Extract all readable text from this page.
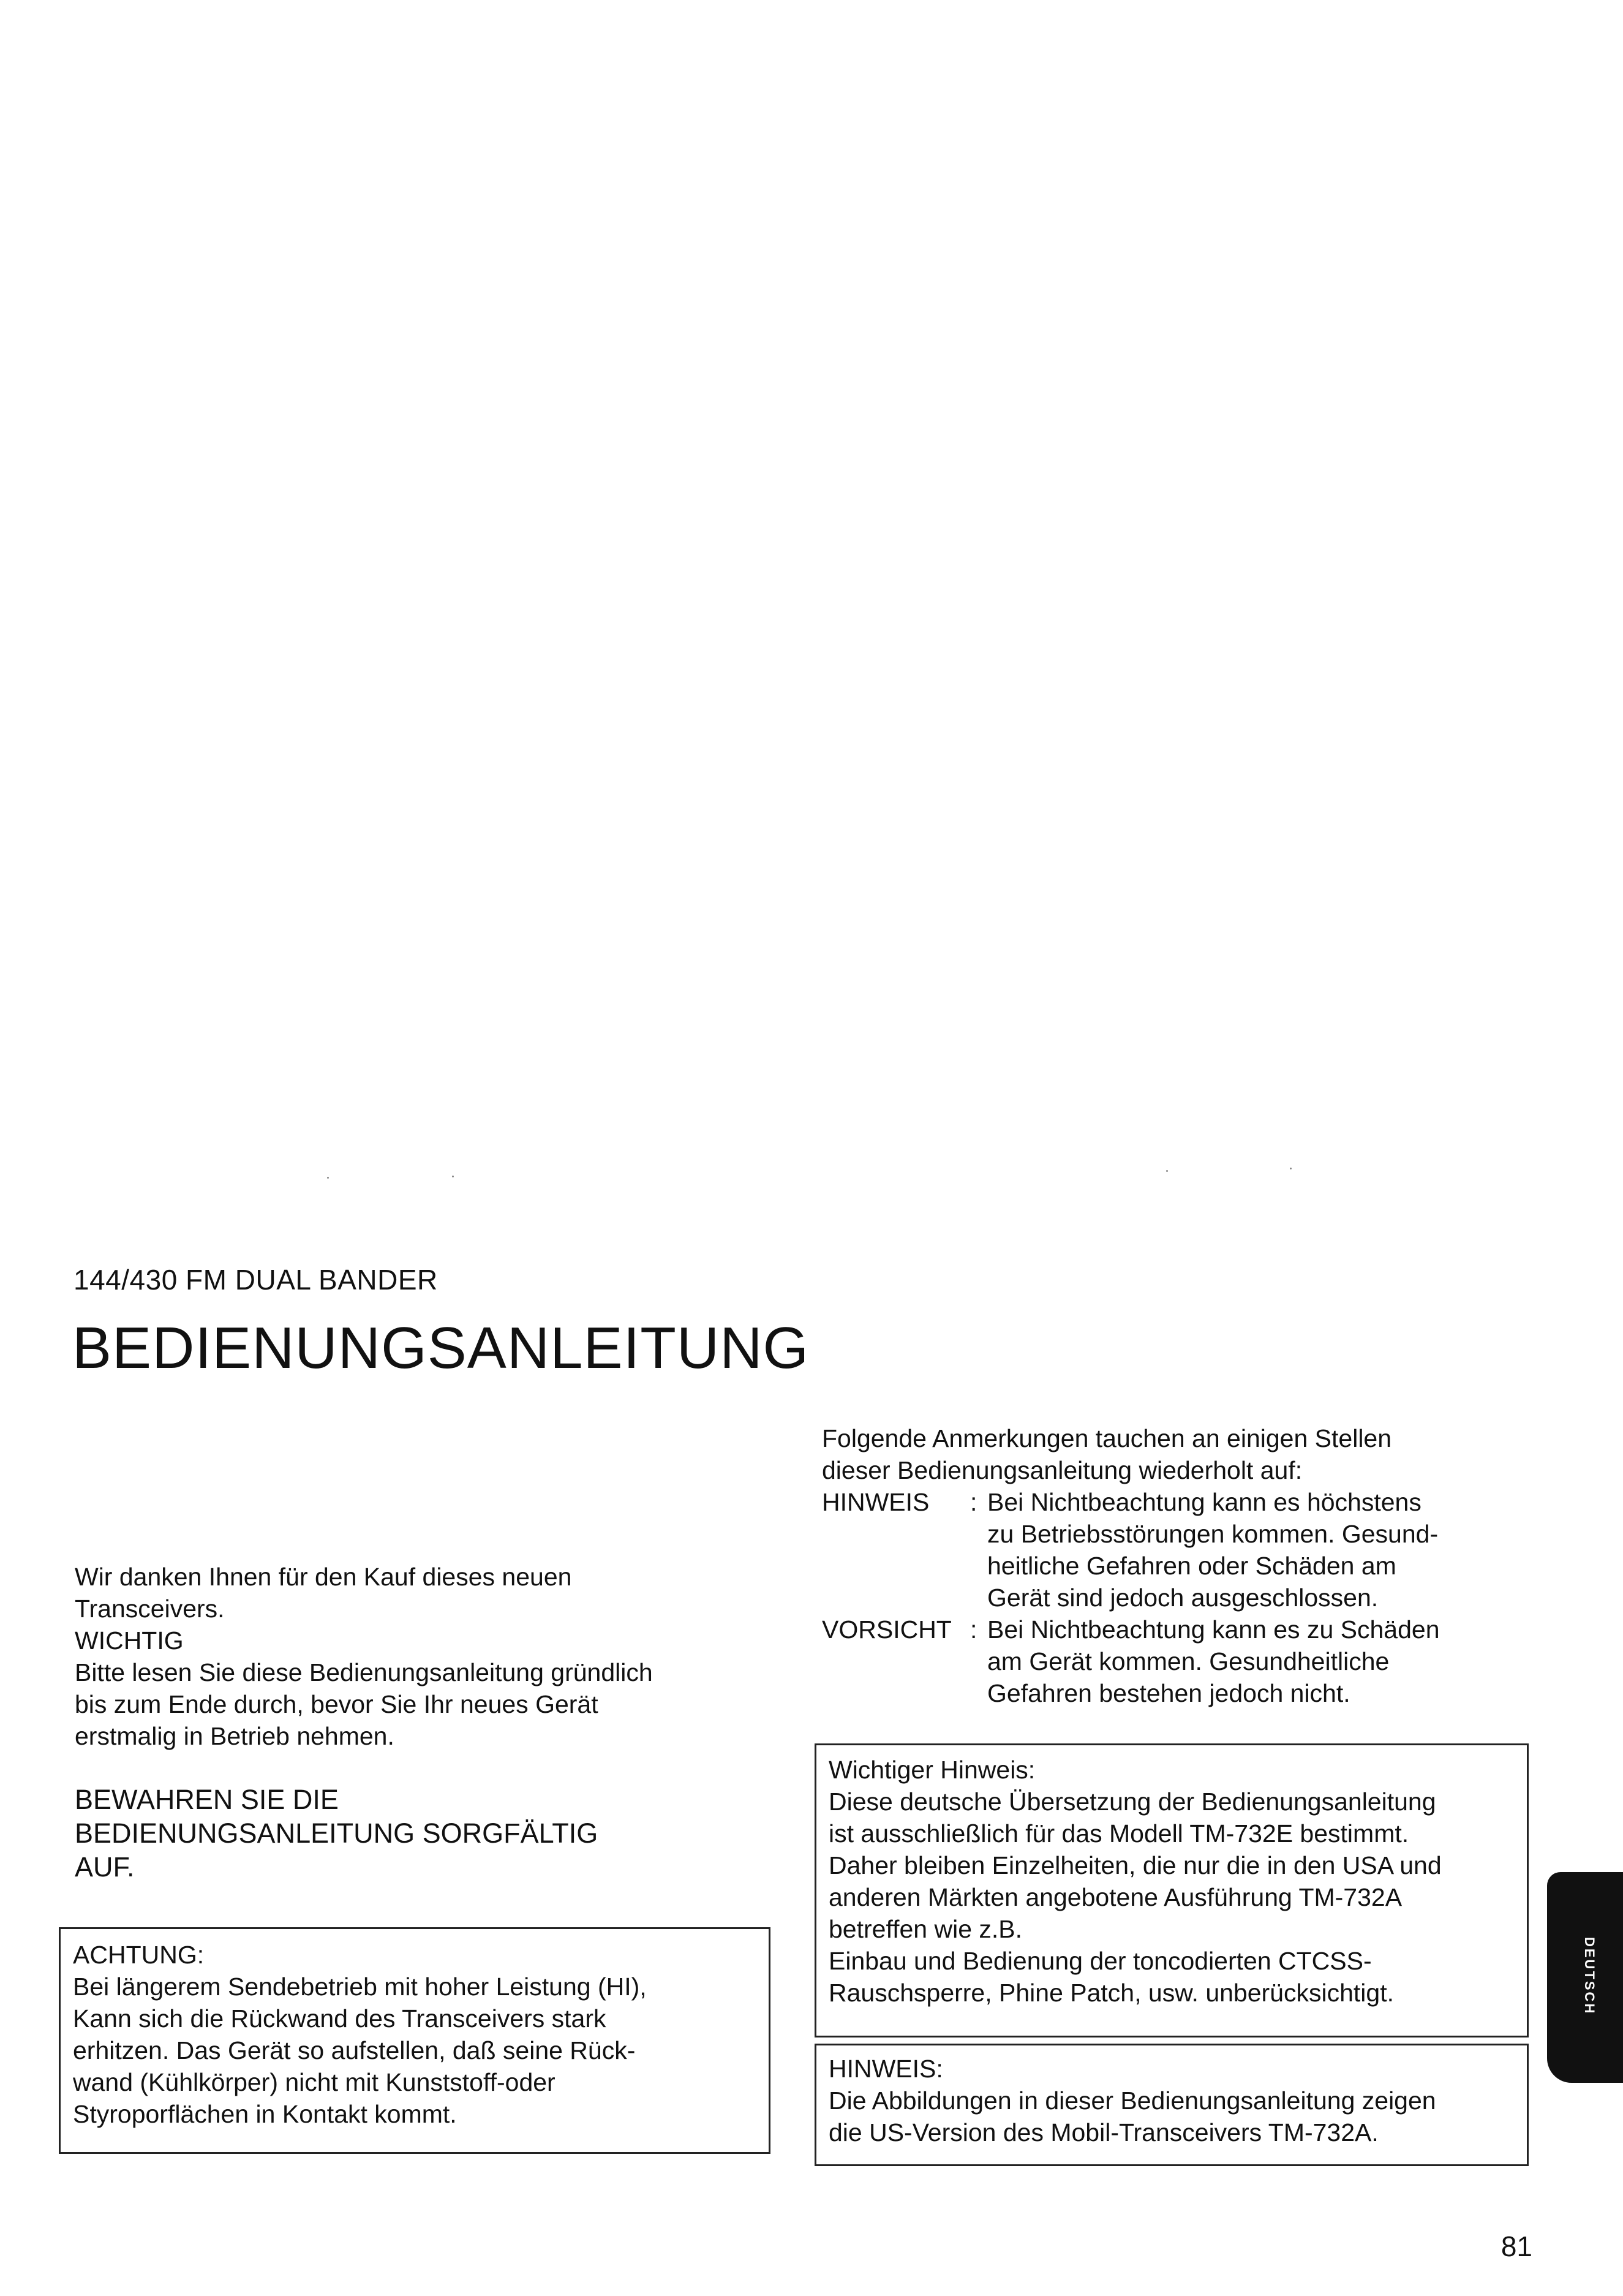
144/430 FM DUAL BANDER
BEDIENUNGSANLEITUNG
Wir danken Ihnen für den Kauf dieses neuen
Transceivers.
WICHTIG
Bitte lesen Sie diese Bedienungsanleitung gründlich
bis zum Ende durch, bevor Sie Ihr neues Gerät
erstmalig in Betrieb nehmen.
BEWAHREN SIE DIE
BEDIENUNGSANLEITUNG SORGFÄLTIG
AUF.
ACHTUNG:
Bei längerem Sendebetrieb mit hoher Leistung (HI),
Kann sich die Rückwand des Transceivers stark
erhitzen. Das Gerät so aufstellen, daß seine Rück-
wand (Kühlkörper) nicht mit Kunststoff-oder
Styroporflächen in Kontakt kommt.
Folgende Anmerkungen tauchen an einigen Stellen
dieser Bedienungsanleitung wiederholt auf:
HINWEIS	: Bei Nichtbeachtung kann es höchstens
zu Betriebsstörungen kommen. Gesund-
heitliche Gefahren oder Schäden am
Gerät sind jedoch ausgeschlossen.
VORSICHT : Bei Nichtbeachtung kann es zu Schäden
am Gerät kommen. Gesundheitliche
Gefahren bestehen jedoch nicht.
Wichtiger Hinweis:
Diese deutsche Übersetzung der Bedienungsanleitung
ist ausschließlich für das Modell TM-732E bestimmt.
Daher bleiben Einzelheiten, die nur die in den USA und
anderen Märkten angebotene Ausführung TM-732A
betreffen wie z.B.
Einbau und Bedienung der toncodierten CTCSS-
Rauschsperre, Phine Patch, usw. unberücksichtigt.
HINWEIS:
Die Abbildungen in dieser Bedienungsanleitung zeigen
die US-Version des Mobil-Transceivers TM-732A.
DEUTSCH
81
